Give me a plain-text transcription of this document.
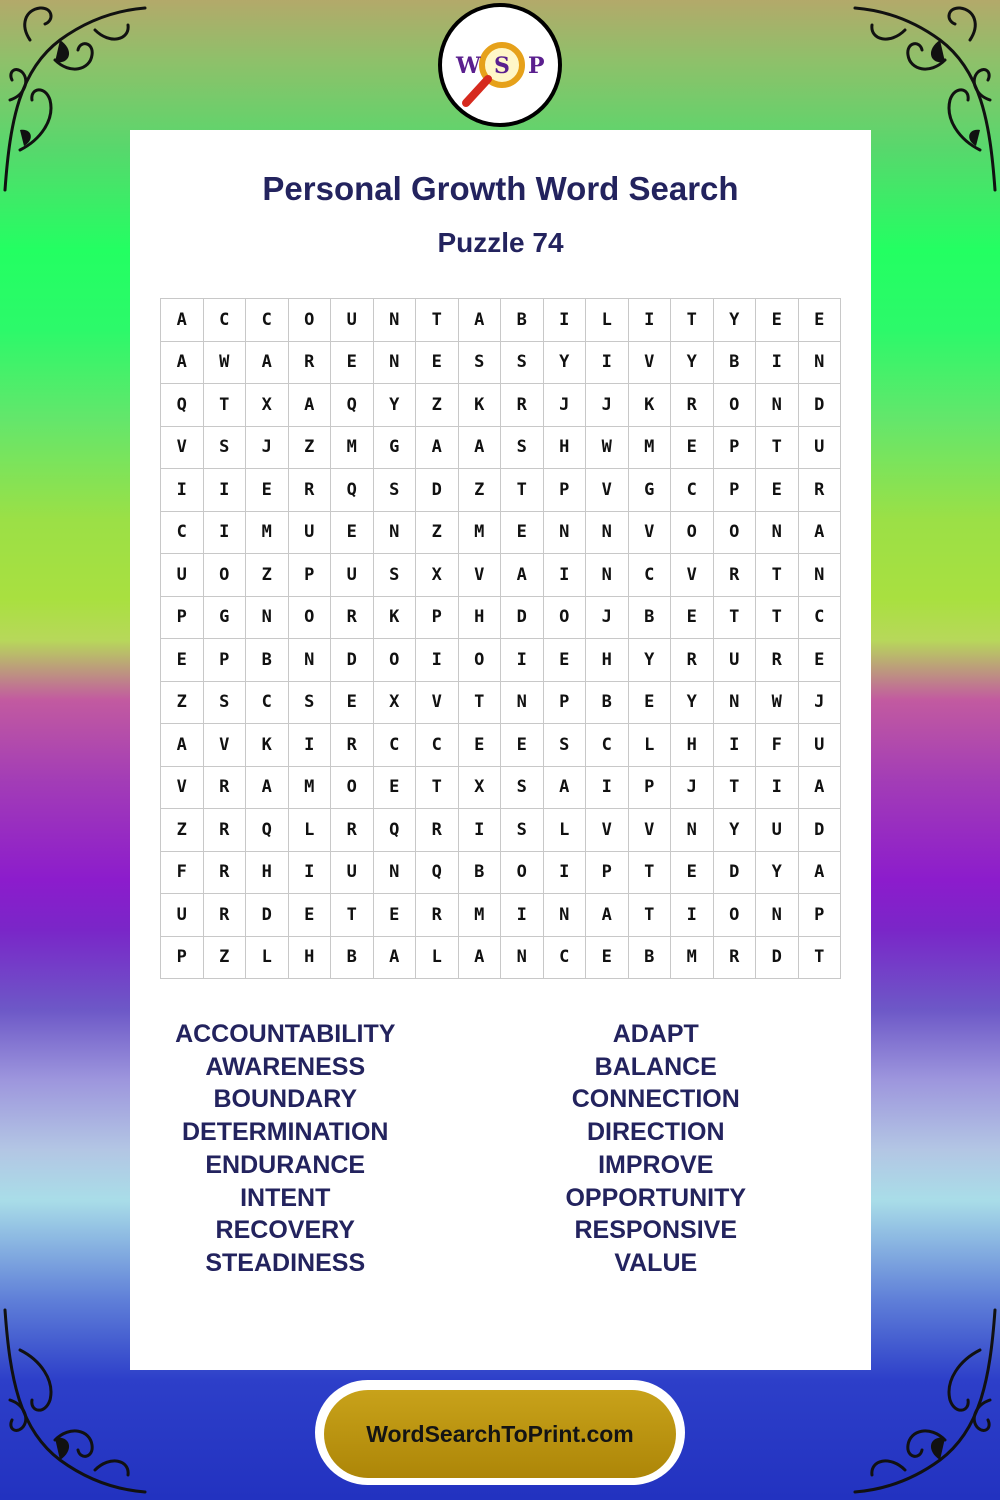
W S P
Personal Growth Word Search
Puzzle 74
A	C	C	O	U	N	T	A	B	I	L	I	T	Y	E	E
A	W	A	R	E	N	E	S	S	Y	I	V	Y	B	I	N
Q	T	X	A	Q	Y	Z	K	R	J	J	K	R	O	N	D
V	S	J	Z	M	G	A	A	S	H	W	M	E	P	T	U
I	I	E	R	Q	S	D	Z	T	P	V	G	C	P	E	R
C	I	M	U	E	N	Z	M	E	N	N	V	O	O	N	A
U	O	Z	P	U	S	X	V	A	I	N	C	V	R	T	N
P	G	N	O	R	K	P	H	D	O	J	B	E	T	T	C
E	P	B	N	D	O	I	O	I	E	H	Y	R	U	R	E
Z	S	C	S	E	X	V	T	N	P	B	E	Y	N	W	J
A	V	K	I	R	C	C	E	E	S	C	L	H	I	F	U
V	R	A	M	O	E	T	X	S	A	I	P	J	T	I	A
Z	R	Q	L	R	Q	R	I	S	L	V	V	N	Y	U	D
F	R	H	I	U	N	Q	B	O	I	P	T	E	D	Y	A
U	R	D	E	T	E	R	M	I	N	A	T	I	O	N	P
P	Z	L	H	B	A	L	A	N	C	E	B	M	R	D	T
ACCOUNTABILITY
AWARENESS
BOUNDARY
DETERMINATION
ENDURANCE
INTENT
RECOVERY
STEADINESS
ADAPT
BALANCE
CONNECTION
DIRECTION
IMPROVE
OPPORTUNITY
RESPONSIVE
VALUE
WordSearchToPrint.com
